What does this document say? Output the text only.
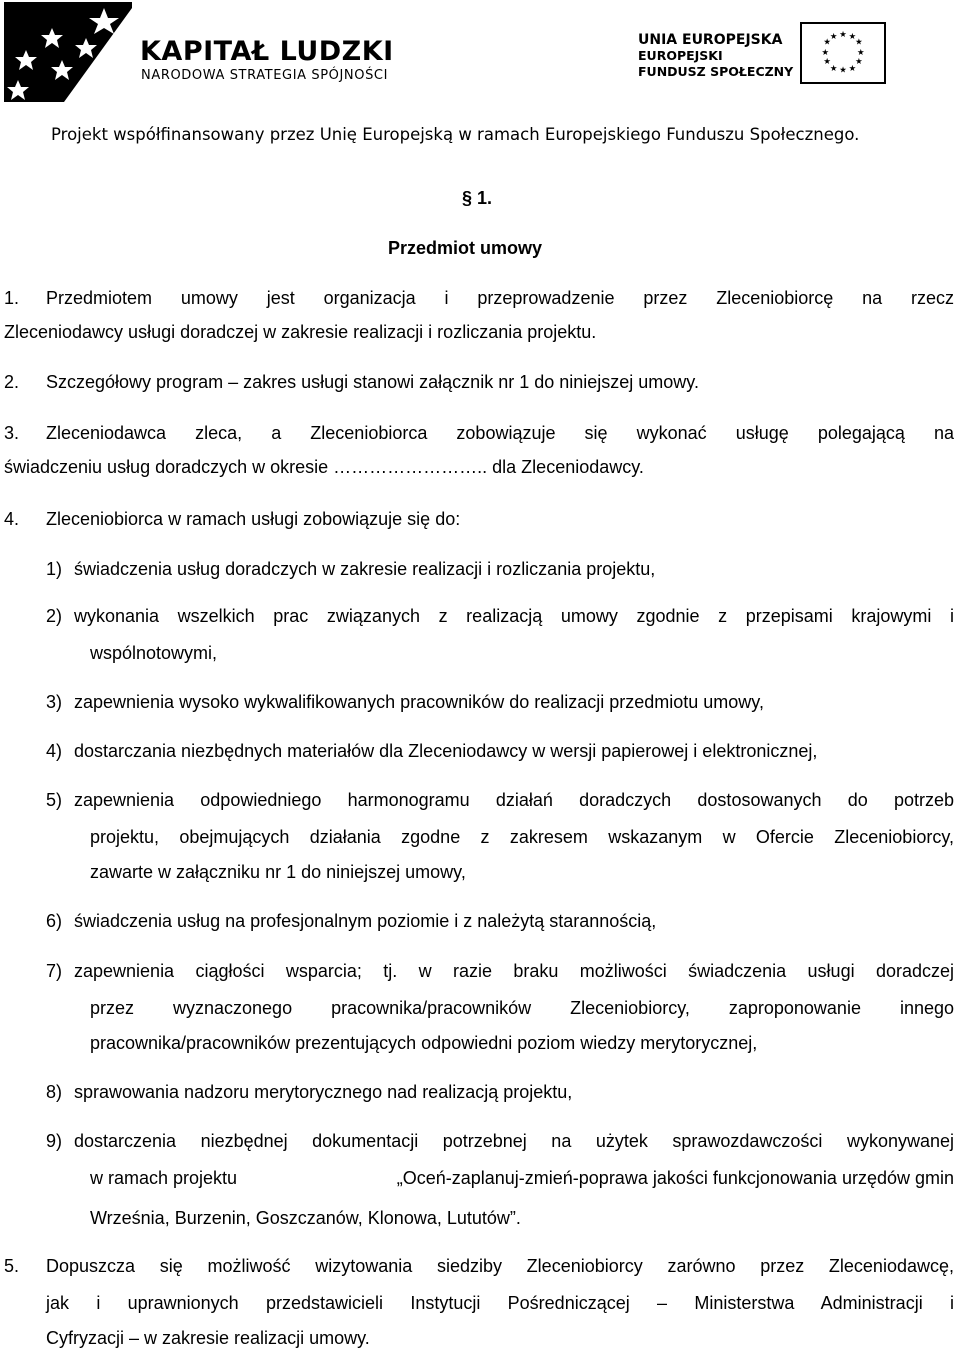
KAPITAŁ LUDZKI
NARODOWA STRATEGIA SPÓJNOŚCI
UNIA EUROPEJSKA
EUROPEJSKI
FUNDUSZ SPOŁECZNY
★ ★
★
★
★
★
★
★
★
★
★
★
Projekt współfinansowany przez Unię Europejską w ramach Europejskiego Funduszu Społecznego.
§ 1.
Przedmiot umowy
1. Przedmiotem umowy jest organizacja i przeprowadzenie przez Zleceniobiorcę na rzecz
Zleceniodawcy usługi doradczej w zakresie realizacji i rozliczania projektu.
2. Szczegółowy program – zakres usługi stanowi załącznik nr 1 do niniejszej umowy.
3. Zleceniodawca zleca, a Zleceniobiorca zobowiązuje się wykonać usługę polegającą na
świadczeniu usług doradczych w okresie …………………….. dla Zleceniodawcy.
4. Zleceniobiorca w ramach usługi zobowiązuje się do:
1) świadczenia usług doradczych w zakresie realizacji i rozliczania projektu,
2) wykonania wszelkich prac związanych z realizacją umowy zgodnie z przepisami krajowymi i
wspólnotowymi,
3) zapewnienia wysoko wykwalifikowanych pracowników do realizacji przedmiotu umowy,
4) dostarczania niezbędnych materiałów dla Zleceniodawcy w wersji papierowej i elektronicznej,
5) zapewnienia odpowiedniego harmonogramu działań doradczych dostosowanych do potrzeb
projektu, obejmujących działania zgodne z zakresem wskazanym w Ofercie Zleceniobiorcy,
zawarte w załączniku nr 1 do niniejszej umowy,
6) świadczenia usług na profesjonalnym poziomie i z należytą starannością,
7) zapewnienia ciągłości wsparcia; tj. w razie braku możliwości świadczenia usługi doradczej
przez wyznaczonego pracownika/pracowników Zleceniobiorcy, zaproponowanie innego
pracownika/pracowników prezentujących odpowiedni poziom wiedzy merytorycznej,
8) sprawowania nadzoru merytorycznego nad realizacją projektu,
9) dostarczenia niezbędnej dokumentacji potrzebnej na użytek sprawozdawczości wykonywanej
w ramach projektu	„Oceń-zaplanuj-zmień-poprawa jakości funkcjonowania urzędów gmin
Września, Burzenin, Goszczanów, Klonowa, Lututów”.
5. Dopuszcza się możliwość wizytowania siedziby Zleceniobiorcy zarówno przez Zleceniodawcę,
jak i uprawnionych przedstawicieli Instytucji Pośredniczącej – Ministerstwa Administracji i
Cyfryzacji – w zakresie realizacji umowy.
